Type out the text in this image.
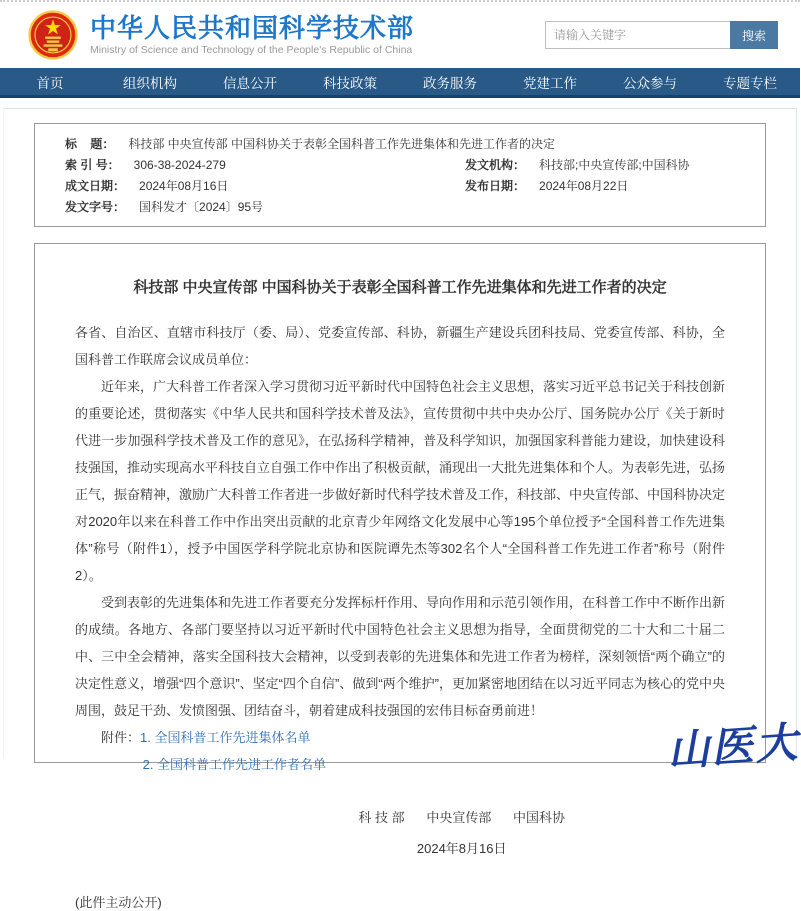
中华人民共和国科学技术部
Ministry of Science and Technology of the People's Republic of China
请输入关键字
搜索
首页	组织机构	信息公开	科技政策	政务服务	党建工作	公众参与	专题专栏
标    题： 科技部 中央宣传部 中国科协关于表彰全国科普工作先进集体和先进工作者的决定
索 引 号： 306-38-2024-279	发文机构： 科技部;中央宣传部;中国科协
成文日期： 2024年08月16日	发布日期： 2024年08月22日
发文字号： 国科发才〔2024〕95号
科技部 中央宣传部 中国科协关于表彰全国科普工作先进集体和先进工作者的决定

各省、自治区、直辖市科技厅（委、局）、党委宣传部、科协，新疆生产建设兵团科技局、党委宣传部、科协，全国科普工作联席会议成员单位：

近年来，广大科普工作者深入学习贯彻习近平新时代中国特色社会主义思想，落实习近平总书记关于科技创新的重要论述，贯彻落实《中华人民共和国科学技术普及法》，宣传贯彻中共中央办公厅、国务院办公厅《关于新时代进一步加强科学技术普及工作的意见》，在弘扬科学精神，普及科学知识，加强国家科普能力建设，加快建设科技强国，推动实现高水平科技自立自强工作中作出了积极贡献，涌现出一大批先进集体和个人。为表彰先进，弘扬正气，振奋精神，激励广大科普工作者进一步做好新时代科学技术普及工作，科技部、中央宣传部、中国科协决定对2020年以来在科普工作中作出突出贡献的北京青少年网络文化发展中心等195个单位授予“全国科普工作先进集体”称号（附件1），授予中国医学科学院北京协和医院谭先杰等302名个人“全国科普工作先进工作者”称号（附件2）。

受到表彰的先进集体和先进工作者要充分发挥标杆作用、导向作用和示范引领作用，在科普工作中不断作出新的成绩。各地方、各部门要坚持以习近平新时代中国特色社会主义思想为指导，全面贯彻党的二十大和二十届二中、三中全会精神，落实全国科技大会精神，以受到表彰的先进集体和先进工作者为榜样，深刻领悟“两个确立”的决定性意义，增强“四个意识”、坚定“四个自信”、做到“两个维护”，更加紧密地团结在以习近平同志为核心的党中央周围，鼓足干劲、发愤图强、团结奋斗，朝着建成科技强国的宏伟目标奋勇前进！

附件： 1. 全国科普工作先进集体名单
2. 全国科普工作先进工作者名单
科 技 部      中央宣传部      中国科协
2024年8月16日
(此件主动公开)
山医大
